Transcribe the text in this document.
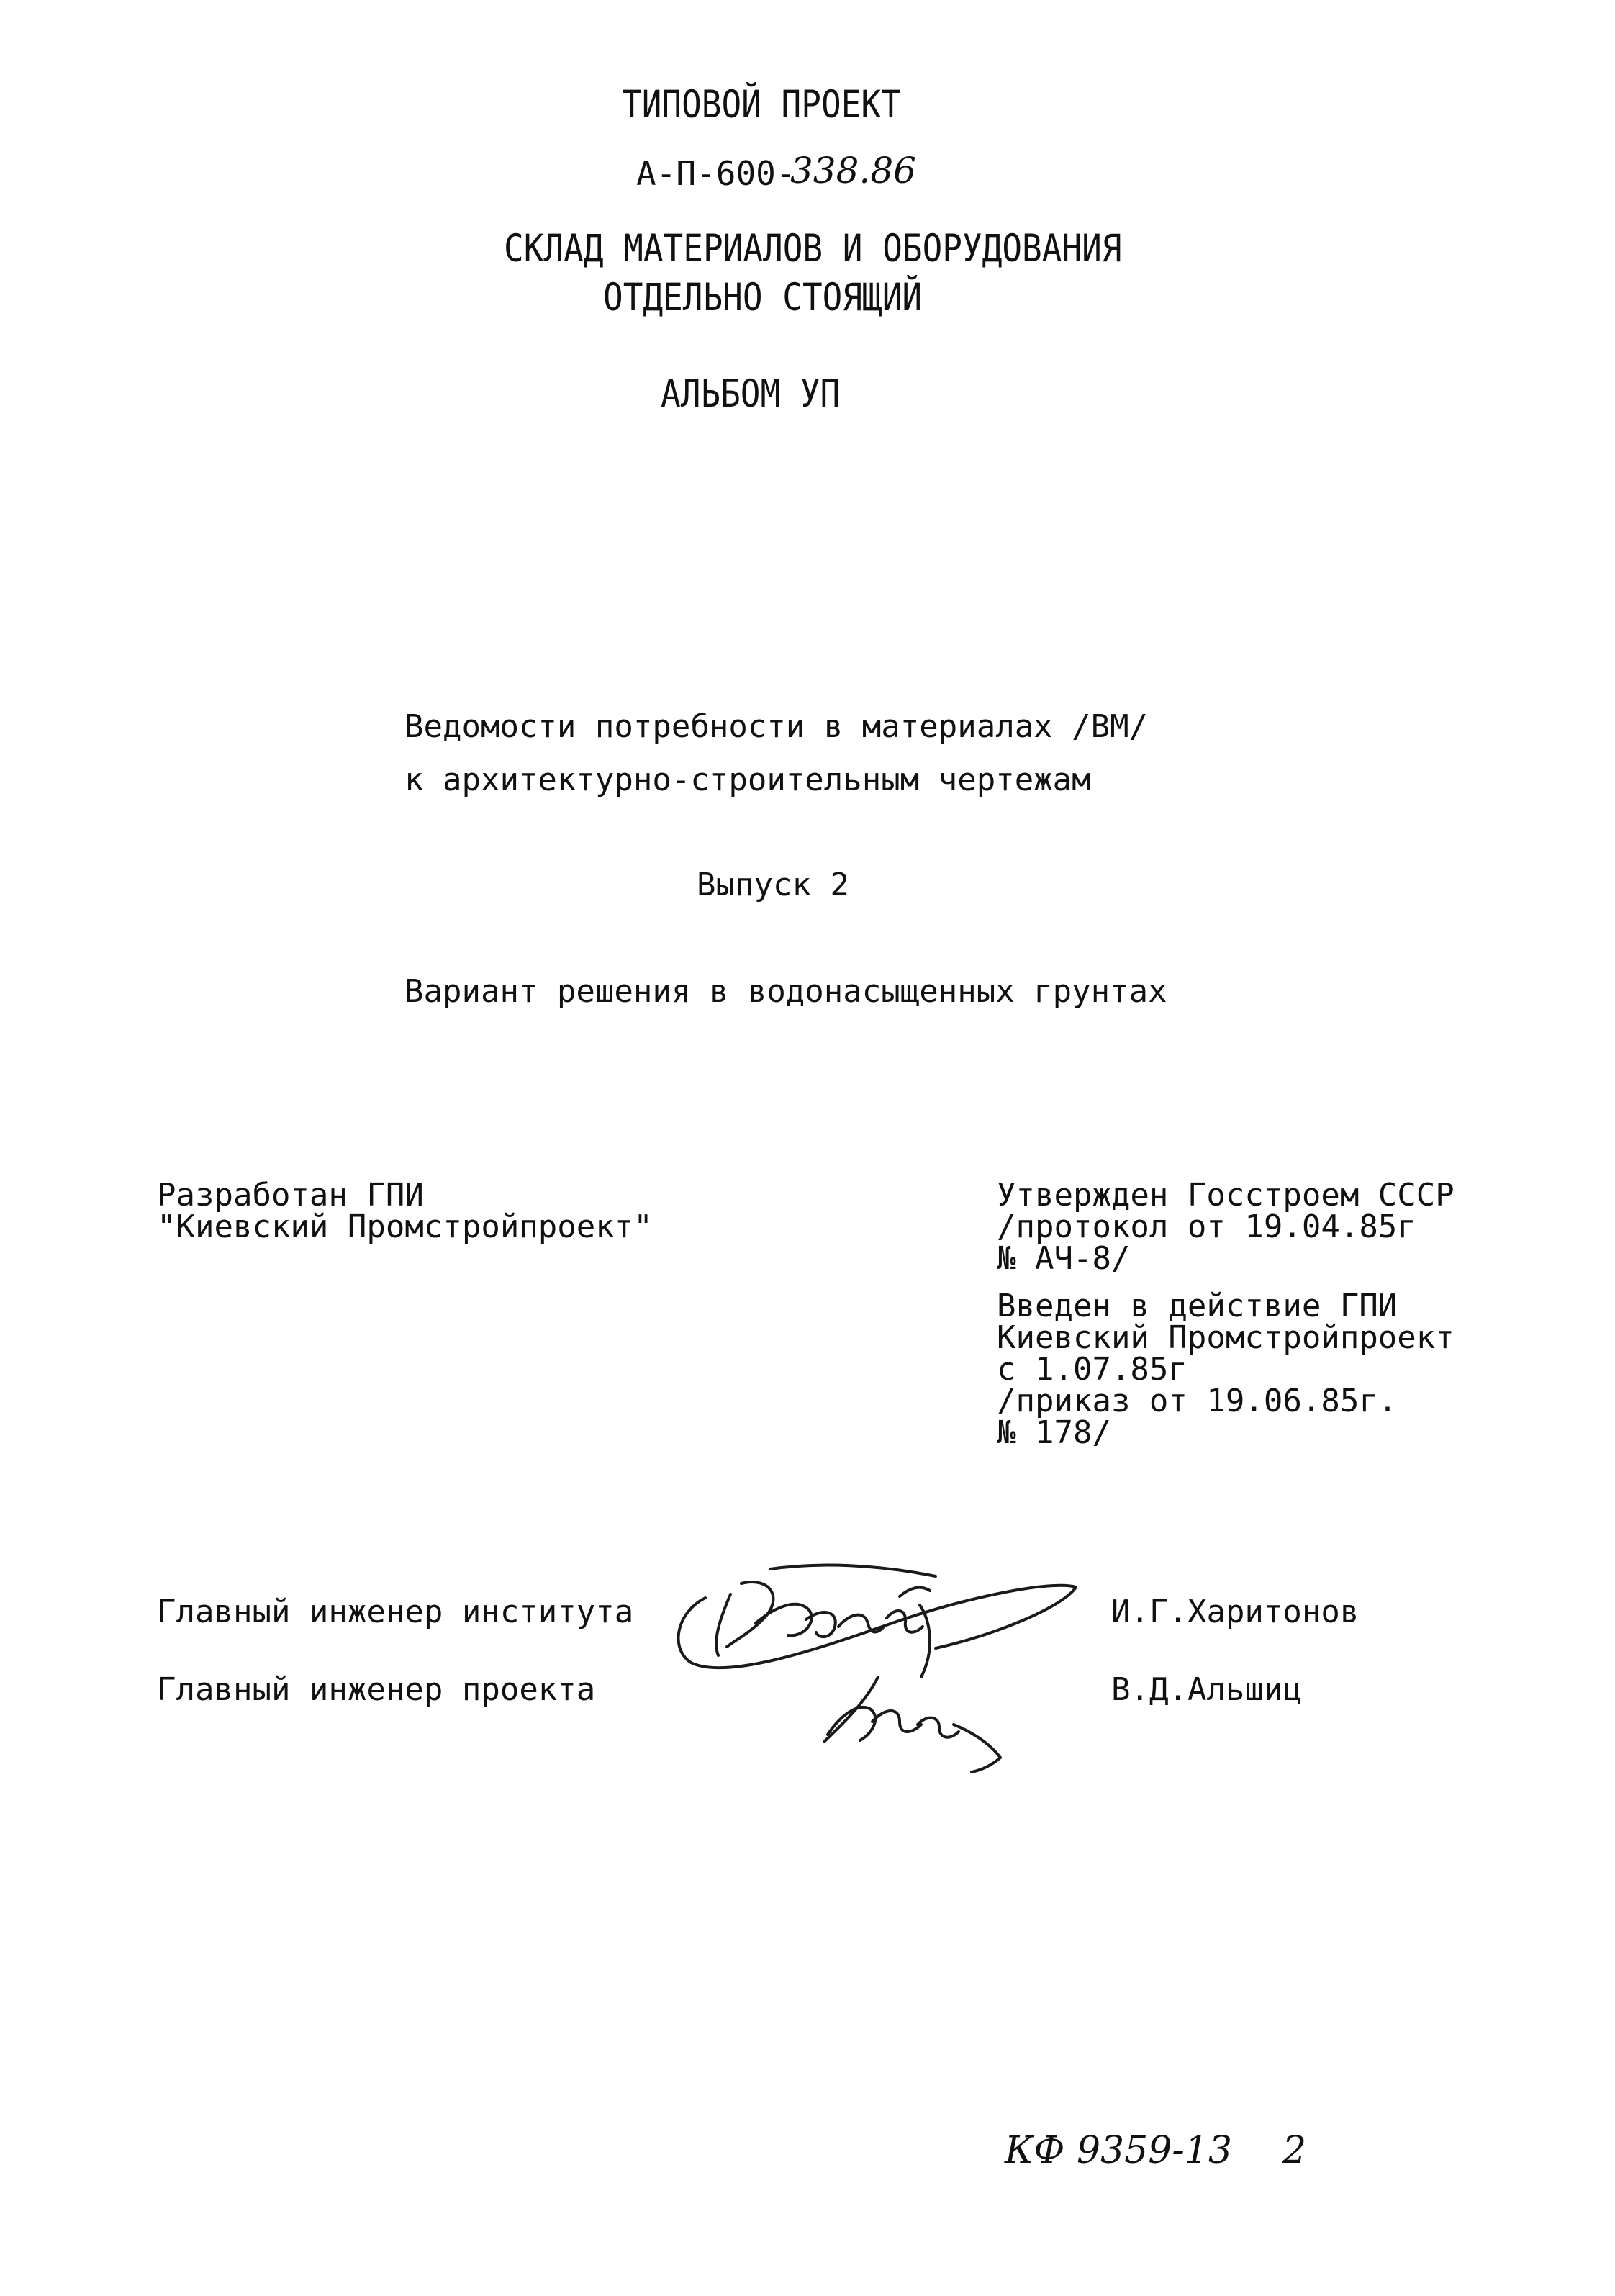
ТИПОВОЙ ПРОЕКТ
А-П-600-
338.86
СКЛАД МАТЕРИАЛОВ И ОБОРУДОВАНИЯ
ОТДЕЛЬНО СТОЯЩИЙ
АЛЬБОМ УП
Ведомости потребности в материалах /ВМ/
к архитектурно-строительным чертежам
Выпуск 2
Вариант решения в водонасыщенных грунтах
Разработан ГПИ
"Киевский Промстройпроект"
Утвержден Госстроем СССР
/протокол от 19.04.85г
№ АЧ-8/
Введен в действие ГПИ
Киевский Промстройпроект
с 1.07.85г
/приказ от 19.06.85г.
№ 178/
Главный инженер института	И.Г.Харитонов
Главный инженер проекта	В.Д.Альшиц
КФ 9359-13 2
